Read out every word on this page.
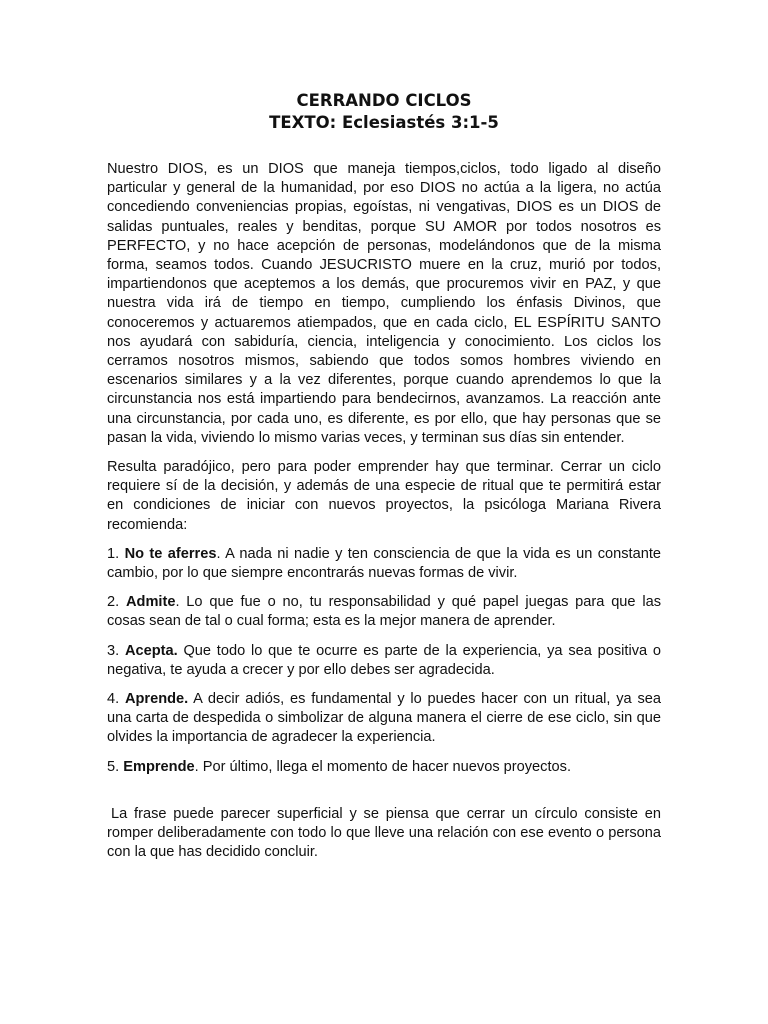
CERRANDO CICLOS
TEXTO: Eclesiastés 3:1-5

Nuestro DIOS, es un DIOS que maneja tiempos,ciclos, todo ligado al diseño particular y general de la humanidad, por eso DIOS no actúa a la ligera, no actúa concediendo conveniencias propias, egoístas, ni vengativas, DIOS es un DIOS de salidas puntuales, reales y benditas, porque SU AMOR por todos nosotros es PERFECTO, y no hace acepción de personas, modelándonos que de la misma forma, seamos todos. Cuando JESUCRISTO muere en la cruz, murió por todos, impartiendonos que aceptemos a los demás, que procuremos vivir en PAZ, y que nuestra vida irá de tiempo en tiempo, cumpliendo los énfasis Divinos, que conoceremos y actuaremos atiempados, que en cada ciclo, EL ESPÍRITU SANTO nos ayudará con sabiduría, ciencia, inteligencia y conocimiento. Los ciclos los cerramos nosotros mismos, sabiendo que todos somos hombres viviendo en escenarios similares y a la vez diferentes, porque cuando aprendemos lo que la circunstancia nos está impartiendo para bendecirnos, avanzamos. La reacción ante una circunstancia, por cada uno, es diferente, es por ello, que hay personas que se pasan la vida, viviendo lo mismo varias veces, y terminan sus días sin entender.

Resulta paradójico, pero para poder emprender hay que terminar. Cerrar un ciclo requiere sí de la decisión, y además de una especie de ritual que te permitirá estar en condiciones de iniciar con nuevos proyectos, la psicóloga Mariana Rivera recomienda:

1. No te aferres. A nada ni nadie y ten consciencia de que la vida es un constante cambio, por lo que siempre encontrarás nuevas formas de vivir.

2. Admite. Lo que fue o no, tu responsabilidad y qué papel juegas para que las cosas sean de tal o cual forma; esta es la mejor manera de aprender.

3. Acepta. Que todo lo que te ocurre es parte de la experiencia, ya sea positiva o negativa, te ayuda a crecer y por ello debes ser agradecida.

4. Aprende. A decir adiós, es fundamental y lo puedes hacer con un ritual, ya sea una carta de despedida o simbolizar de alguna manera el cierre de ese ciclo, sin que olvides la importancia de agradecer la experiencia.

5. Emprende. Por último, llega el momento de hacer nuevos proyectos.

La frase puede parecer superficial y se piensa que cerrar un círculo consiste en romper deliberadamente con todo lo que lleve una relación con ese evento o persona con la que has decidido concluir.
